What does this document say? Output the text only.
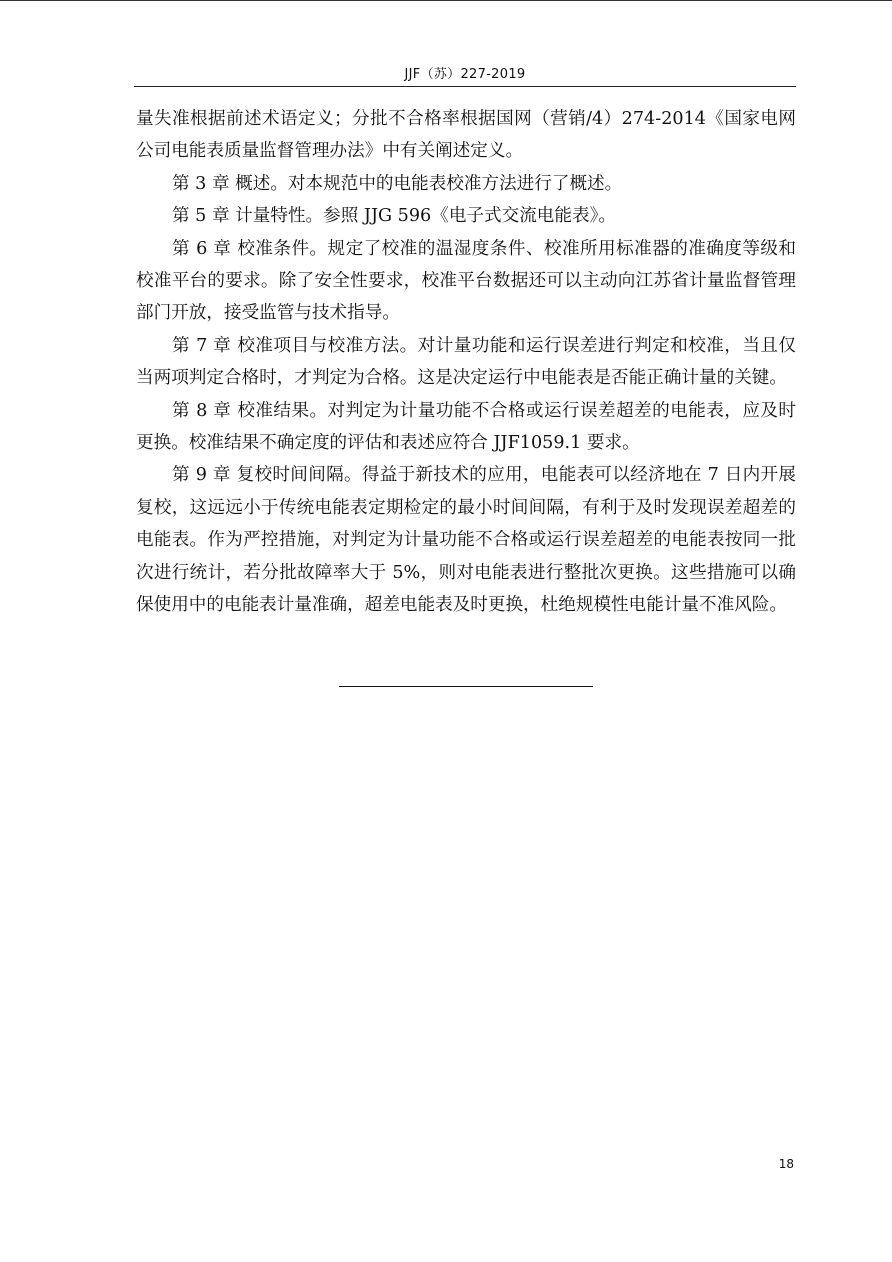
JJF（苏）227-2019

量失准根据前述术语定义；分批不合格率根据国网（营销/4）274-2014《国家电网公司电能表质量监督管理办法》中有关阐述定义。

第 3 章 概述。对本规范中的电能表校准方法进行了概述。

第 5 章 计量特性。参照 JJG 596《电子式交流电能表》。

第 6 章 校准条件。规定了校准的温湿度条件、校准所用标准器的准确度等级和校准平台的要求。除了安全性要求，校准平台数据还可以主动向江苏省计量监督管理部门开放，接受监管与技术指导。

第 7 章 校准项目与校准方法。对计量功能和运行误差进行判定和校准，当且仅当两项判定合格时，才判定为合格。这是决定运行中电能表是否能正确计量的关键。

第 8 章 校准结果。对判定为计量功能不合格或运行误差超差的电能表，应及时更换。校准结果不确定度的评估和表述应符合 JJF1059.1 要求。

第 9 章 复校时间间隔。得益于新技术的应用，电能表可以经济地在 7 日内开展复校，这远远小于传统电能表定期检定的最小时间间隔，有利于及时发现误差超差的电能表。作为严控措施，对判定为计量功能不合格或运行误差超差的电能表按同一批次进行统计，若分批故障率大于 5%，则对电能表进行整批次更换。这些措施可以确保使用中的电能表计量准确，超差电能表及时更换，杜绝规模性电能计量不准风险。

18
